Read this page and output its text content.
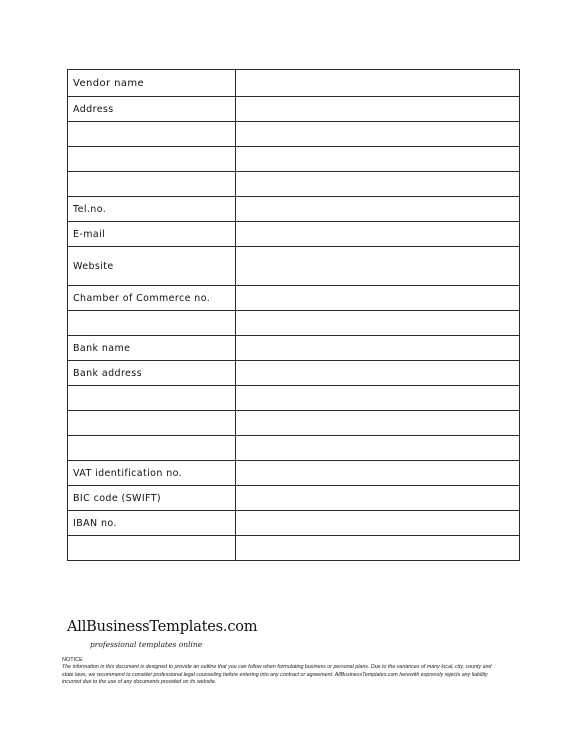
Vendor name	
Address	

Tel.no.	
E-mail	
Website	
Chamber of Commerce no.	

Bank name	
Bank address	

VAT identification no.	
BIC code (SWIFT)	
IBAN no.	

AllBusinessTemplates.com
professional templates online
NOTICE
The information in this document is designed to provide an outline that you can follow when formulating business or personal plans. Due to the variances of many local, city, county and state laws, we recommend to consider professional legal counseling before entering into any contract or agreement. AllBusinessTemplates.com herewith expressly rejects any liability incurred due to the use of any documents provided on its website.
